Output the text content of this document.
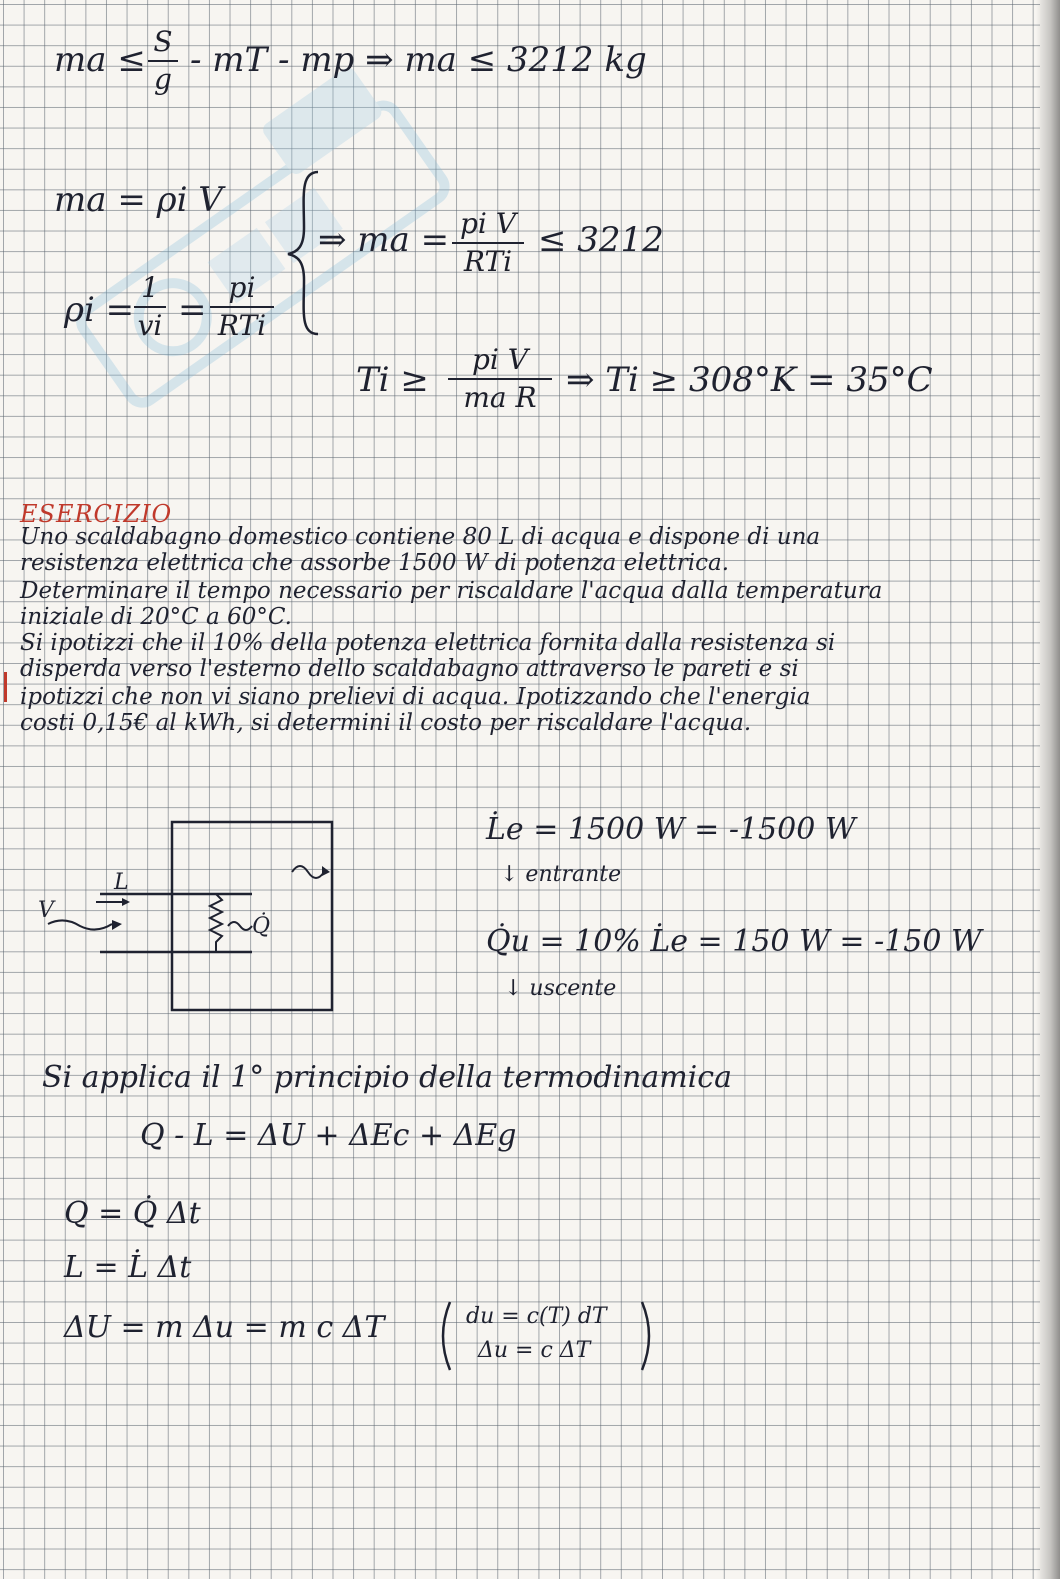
ma ≤ S
g - mT - mp ⇒ ma ≤ 3212 kg
ma = ρi V
ρi =
1
vi =
pi
RTi
⇒ ma = pi V
RTi
≤ 3212
Ti ≥
pi V
ma R ⇒ Ti ≥ 308°K = 35°C
ESERCIZIO
Uno scaldabagno domestico contiene 80 L di acqua e dispone di una
resistenza elettrica che assorbe 1500 W di potenza elettrica.
Determinare il tempo necessario per riscaldare l'acqua dalla temperatura
iniziale di 20°C a 60°C.
Si ipotizzi che il 10% della potenza elettrica fornita dalla resistenza si
disperda verso l'esterno dello scaldabagno attraverso le pareti e si
ipotizzi che non vi siano prelievi di acqua. Ipotizzando che l'energia
costi 0,15€ al kWh, si determini il costo per riscaldare l'acqua.
V
L
Q̇
L̇e = 1500 W = -1500 W
↓ entrante
Q̇u = 10% L̇e = 150 W = -150 W
↓ uscente
Si applica il 1° principio della termodinamica
Q - L = ΔU + ΔEc + ΔEg
Q = Q̇ Δt
L = L̇ Δt
ΔU = m Δu = m c ΔT	du = c(T) dT
Δu = c ΔT
